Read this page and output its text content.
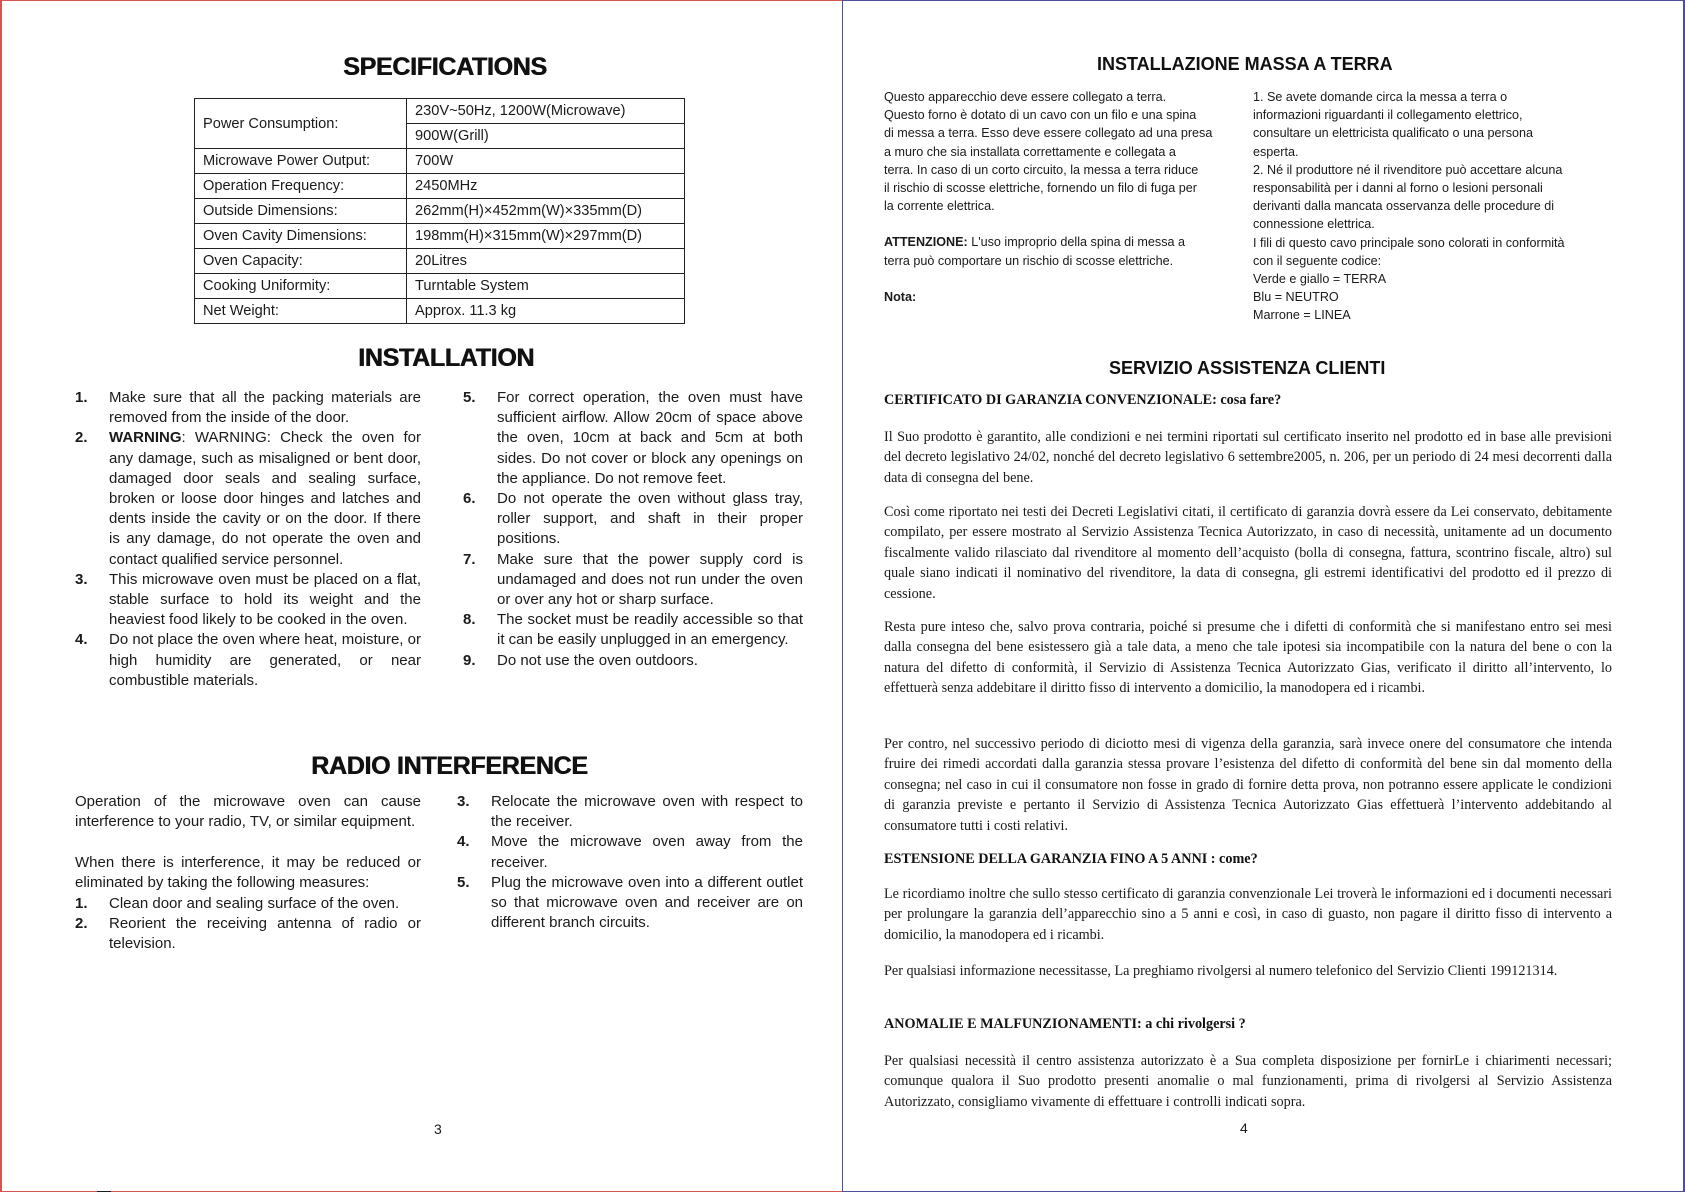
SPECIFICATIONS
Power Consumption:	230V~50Hz, 1200W(Microwave)
	900W(Grill)
Microwave Power Output:	700W
Operation Frequency:	2450MHz
Outside Dimensions:	262mm(H)×452mm(W)×335mm(D)
Oven Cavity Dimensions:	198mm(H)×315mm(W)×297mm(D)
Oven Capacity:	20Litres
Cooking Uniformity:	Turntable System
Net Weight:	Approx. 11.3 kg
INSTALLATION
1.	Make sure that all the packing materials are removed from the inside of the door.
2.	WARNING: WARNING: Check the oven for any damage, such as misaligned or bent door, damaged door seals and sealing surface, broken or loose door hinges and latches and dents inside the cavity or on the door. If there is any damage, do not operate the oven and contact qualified service personnel.
3.	This microwave oven must be placed on a flat, stable surface to hold its weight and the heaviest food likely to be cooked in the oven.
4.	Do not place the oven where heat, moisture, or high humidity are generated, or near combustible materials.
5.	For correct operation, the oven must have sufficient airflow. Allow 20cm of space above the oven, 10cm at back and 5cm at both sides. Do not cover or block any openings on the appliance. Do not remove feet.
6.	Do not operate the oven without glass tray, roller support, and shaft in their proper positions.
7.	Make sure that the power supply cord is undamaged and does not run under the oven or over any hot or sharp surface.
8.	The socket must be readily accessible so that it can be easily unplugged in an emergency.
9.	Do not use the oven outdoors.
RADIO INTERFERENCE
Operation of the microwave oven can cause interference to your radio, TV, or similar equipment.
When there is interference, it may be reduced or eliminated by taking the following measures:
1.	Clean door and sealing surface of the oven.
2.	Reorient the receiving antenna of radio or television.
3.	Relocate the microwave oven with respect to the receiver.
4.	Move the microwave oven away from the receiver.
5.	Plug the microwave oven into a different outlet so that microwave oven and receiver are on different branch circuits.
3
INSTALLAZIONE MASSA A TERRA
Questo apparecchio deve essere collegato a terra.
Questo forno è dotato di un cavo con un filo e una spina
di messa a terra. Esso deve essere collegato ad una presa
a muro che sia installata correttamente e collegata a
terra. In caso di un corto circuito, la messa a terra riduce
il rischio di scosse elettriche, fornendo un filo di fuga per
la corrente elettrica.
ATTENZIONE: L'uso improprio della spina di messa a
terra può comportare un rischio di scosse elettriche.
Nota:
1. Se avete domande circa la messa a terra o
informazioni riguardanti il collegamento elettrico,
consultare un elettricista qualificato o una persona
esperta.
2. Né il produttore né il rivenditore può accettare alcuna
responsabilità per i danni al forno o lesioni personali
derivanti dalla mancata osservanza delle procedure di
connessione elettrica.
I fili di questo cavo principale sono colorati in conformità
con il seguente codice:
Verde e giallo = TERRA
Blu = NEUTRO
Marrone = LINEA
SERVIZIO ASSISTENZA CLIENTI
CERTIFICATO DI GARANZIA CONVENZIONALE: cosa fare?
Il Suo prodotto è garantito, alle condizioni e nei termini riportati sul certificato inserito nel prodotto ed in base alle previsioni del decreto legislativo 24/02, nonché del decreto legislativo 6 settembre2005, n. 206, per un periodo di 24 mesi decorrenti dalla data di consegna del bene.
Così come riportato nei testi dei Decreti Legislativi citati, il certificato di garanzia dovrà essere da Lei conservato, debitamente compilato, per essere mostrato al Servizio Assistenza Tecnica Autorizzato, in caso di necessità, unitamente ad un documento fiscalmente valido rilasciato dal rivenditore al momento dell’acquisto (bolla di consegna, fattura, scontrino fiscale, altro) sul quale siano indicati il nominativo del rivenditore, la data di consegna, gli estremi identificativi del prodotto ed il prezzo di cessione.
Resta pure inteso che, salvo prova contraria, poiché si presume che i difetti di conformità che si manifestano entro sei mesi dalla consegna del bene esistessero già a tale data, a meno che tale ipotesi sia incompatibile con la natura del bene o con la natura del difetto di conformità, il Servizio di Assistenza Tecnica Autorizzato Gias, verificato il diritto all’intervento, lo effettuerà senza addebitare il diritto fisso di intervento a domicilio, la manodopera ed i ricambi.
Per contro, nel successivo periodo di diciotto mesi di vigenza della garanzia, sarà invece onere del consumatore che intenda fruire dei rimedi accordati dalla garanzia stessa provare l’esistenza del difetto di conformità del bene sin dal momento della consegna; nel caso in cui il consumatore non fosse in grado di fornire detta prova, non potranno essere applicate le condizioni di garanzia previste e pertanto il Servizio di Assistenza Tecnica Autorizzato Gias effettuerà l’intervento addebitando al consumatore tutti i costi relativi.
ESTENSIONE DELLA GARANZIA FINO A 5 ANNI : come?
Le ricordiamo inoltre che sullo stesso certificato di garanzia convenzionale Lei troverà le informazioni ed i documenti necessari per prolungare la garanzia dell’apparecchio sino a 5 anni e così, in caso di guasto, non pagare il diritto fisso di intervento a domicilio, la manodopera ed i ricambi.
Per qualsiasi informazione necessitasse, La preghiamo rivolgersi al numero telefonico del Servizio Clienti 199121314.
ANOMALIE E MALFUNZIONAMENTI: a chi rivolgersi ?
Per qualsiasi necessità il centro assistenza autorizzato è a Sua completa disposizione per fornirLe i chiarimenti necessari; comunque qualora il Suo prodotto presenti anomalie o mal funzionamenti, prima di rivolgersi al Servizio Assistenza Autorizzato, consigliamo vivamente di effettuare i controlli indicati sopra.
4
